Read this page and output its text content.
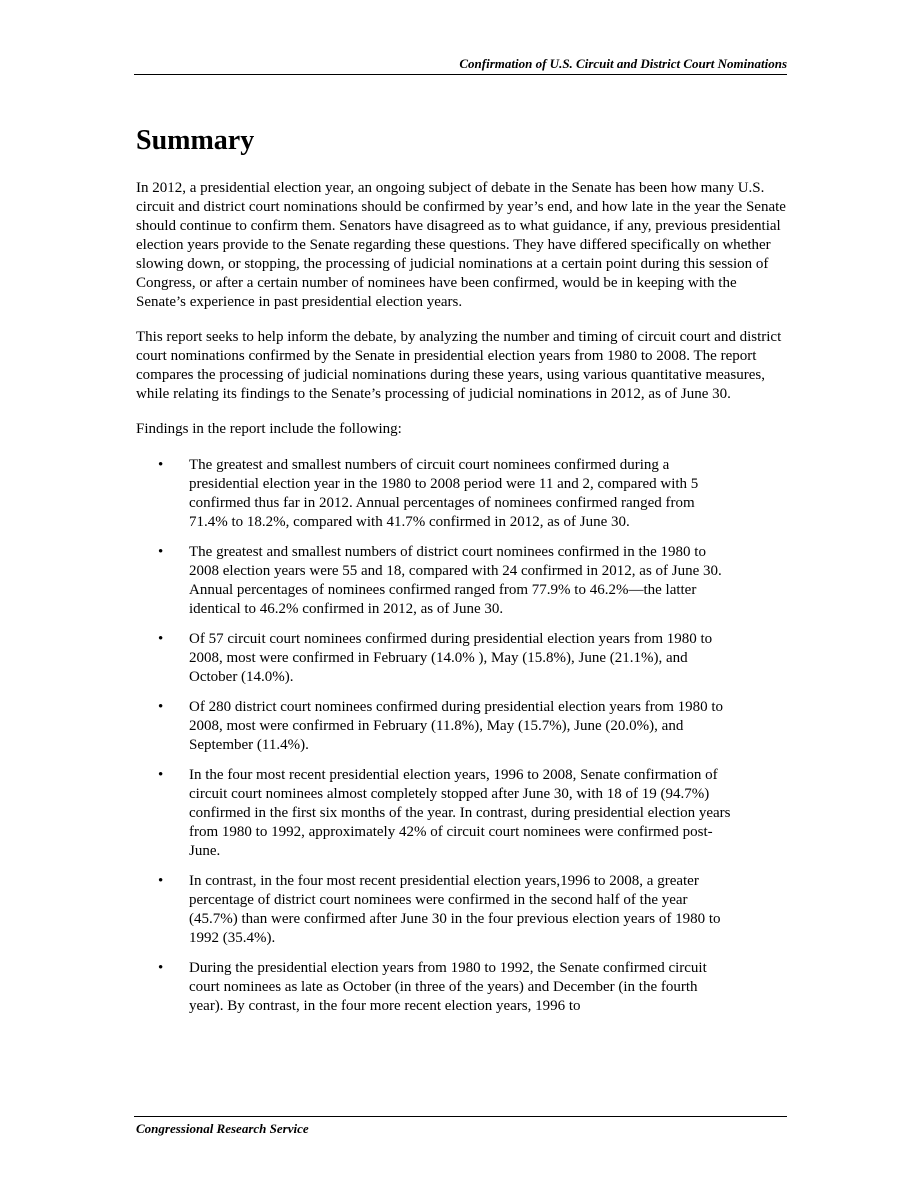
Confirmation of U.S. Circuit and District Court Nominations
Summary

In 2012, a presidential election year, an ongoing subject of debate in the Senate has been how many U.S. circuit and district court nominations should be confirmed by year’s end, and how late in the year the Senate should continue to confirm them. Senators have disagreed as to what guidance, if any, previous presidential election years provide to the Senate regarding these questions. They have differed specifically on whether slowing down, or stopping, the processing of judicial nominations at a certain point during this session of Congress, or after a certain number of nominees have been confirmed, would be in keeping with the Senate’s experience in past presidential election years.

This report seeks to help inform the debate, by analyzing the number and timing of circuit court and district court nominations confirmed by the Senate in presidential election years from 1980 to 2008. The report compares the processing of judicial nominations during these years, using various quantitative measures, while relating its findings to the Senate’s processing of judicial nominations in 2012, as of June 30.

Findings in the report include the following:

• The greatest and smallest numbers of circuit court nominees confirmed during a presidential election year in the 1980 to 2008 period were 11 and 2, compared with 5 confirmed thus far in 2012. Annual percentages of nominees confirmed ranged from 71.4% to 18.2%, compared with 41.7% confirmed in 2012, as of June 30.
• The greatest and smallest numbers of district court nominees confirmed in the 1980 to 2008 election years were 55 and 18, compared with 24 confirmed in 2012, as of June 30. Annual percentages of nominees confirmed ranged from 77.9% to 46.2%—the latter identical to 46.2% confirmed in 2012, as of June 30.
• Of 57 circuit court nominees confirmed during presidential election years from 1980 to 2008, most were confirmed in February (14.0% ), May (15.8%), June (21.1%), and October (14.0%).
• Of 280 district court nominees confirmed during presidential election years from 1980 to 2008, most were confirmed in February (11.8%), May (15.7%), June (20.0%), and September (11.4%).
• In the four most recent presidential election years, 1996 to 2008, Senate confirmation of circuit court nominees almost completely stopped after June 30, with 18 of 19 (94.7%) confirmed in the first six months of the year. In contrast, during presidential election years from 1980 to 1992, approximately 42% of circuit court nominees were confirmed post-June.
• In contrast, in the four most recent presidential election years,1996 to 2008, a greater percentage of district court nominees were confirmed in the second half of the year (45.7%) than were confirmed after June 30 in the four previous election years of 1980 to 1992 (35.4%).
• During the presidential election years from 1980 to 1992, the Senate confirmed circuit court nominees as late as October (in three of the years) and December (in the fourth year). By contrast, in the four more recent election years, 1996 to
Congressional Research Service
